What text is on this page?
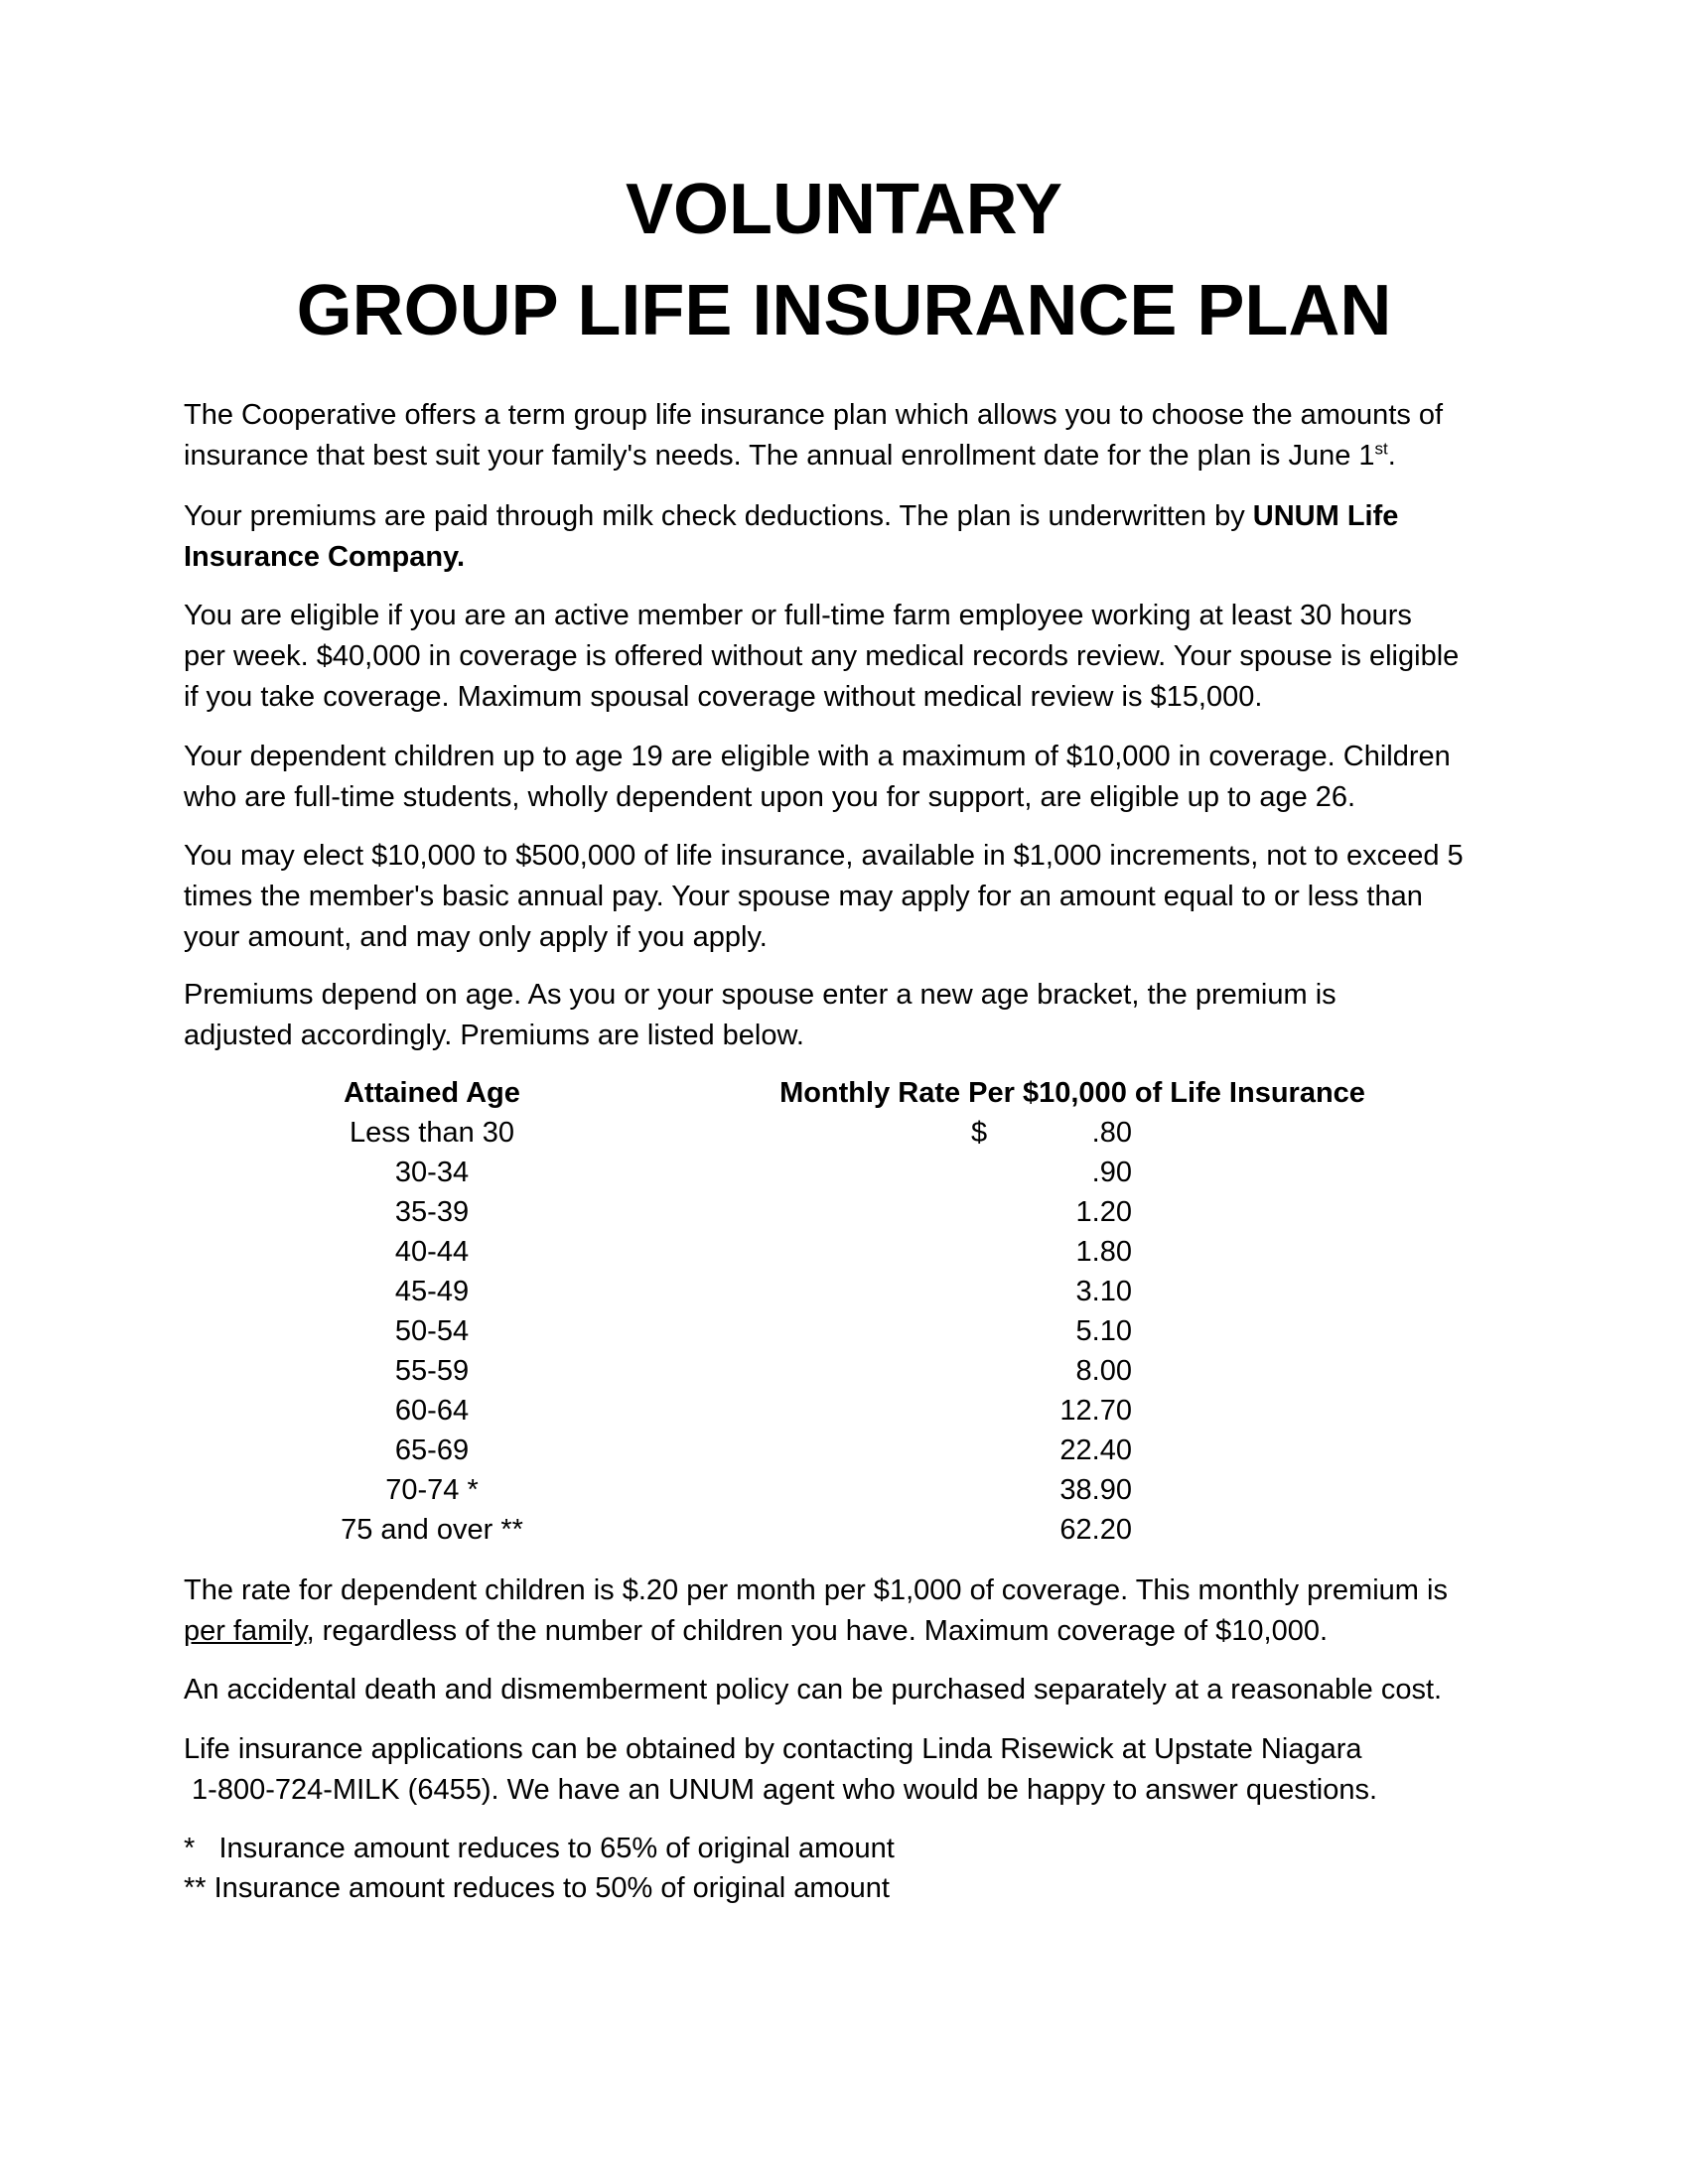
VOLUNTARY
GROUP LIFE INSURANCE PLAN
The Cooperative offers a term group life insurance plan which allows you to choose the amounts of
insurance that best suit your family's needs. The annual enrollment date for the plan is June 1st.
Your premiums are paid through milk check deductions. The plan is underwritten by UNUM Life
Insurance Company.
You are eligible if you are an active member or full-time farm employee working at least 30 hours
per week. $40,000 in coverage is offered without any medical records review. Your spouse is eligible
if you take coverage. Maximum spousal coverage without medical review is $15,000.
Your dependent children up to age 19 are eligible with a maximum of $10,000 in coverage. Children
who are full-time students, wholly dependent upon you for support, are eligible up to age 26.
You may elect $10,000 to $500,000 of life insurance, available in $1,000 increments, not to exceed 5
times the member's basic annual pay. Your spouse may apply for an amount equal to or less than
your amount, and may only apply if you apply.
Premiums depend on age. As you or your spouse enter a new age bracket, the premium is
adjusted accordingly. Premiums are listed below.
Attained Age	Monthly Rate Per $10,000 of Life Insurance
Less than 30	$	.80
30-34	.90
35-39	1.20
40-44	1.80
45-49	3.10
50-54	5.10
55-59	8.00
60-64	12.70
65-69	22.40
70-74 *	38.90
75 and over **	62.20
The rate for dependent children is $.20 per month per $1,000 of coverage. This monthly premium is
per family, regardless of the number of children you have. Maximum coverage of $10,000.
An accidental death and dismemberment policy can be purchased separately at a reasonable cost.
Life insurance applications can be obtained by contacting Linda Risewick at Upstate Niagara
1-800-724-MILK (6455). We have an UNUM agent who would be happy to answer questions.
*   Insurance amount reduces to 65% of original amount
** Insurance amount reduces to 50% of original amount
